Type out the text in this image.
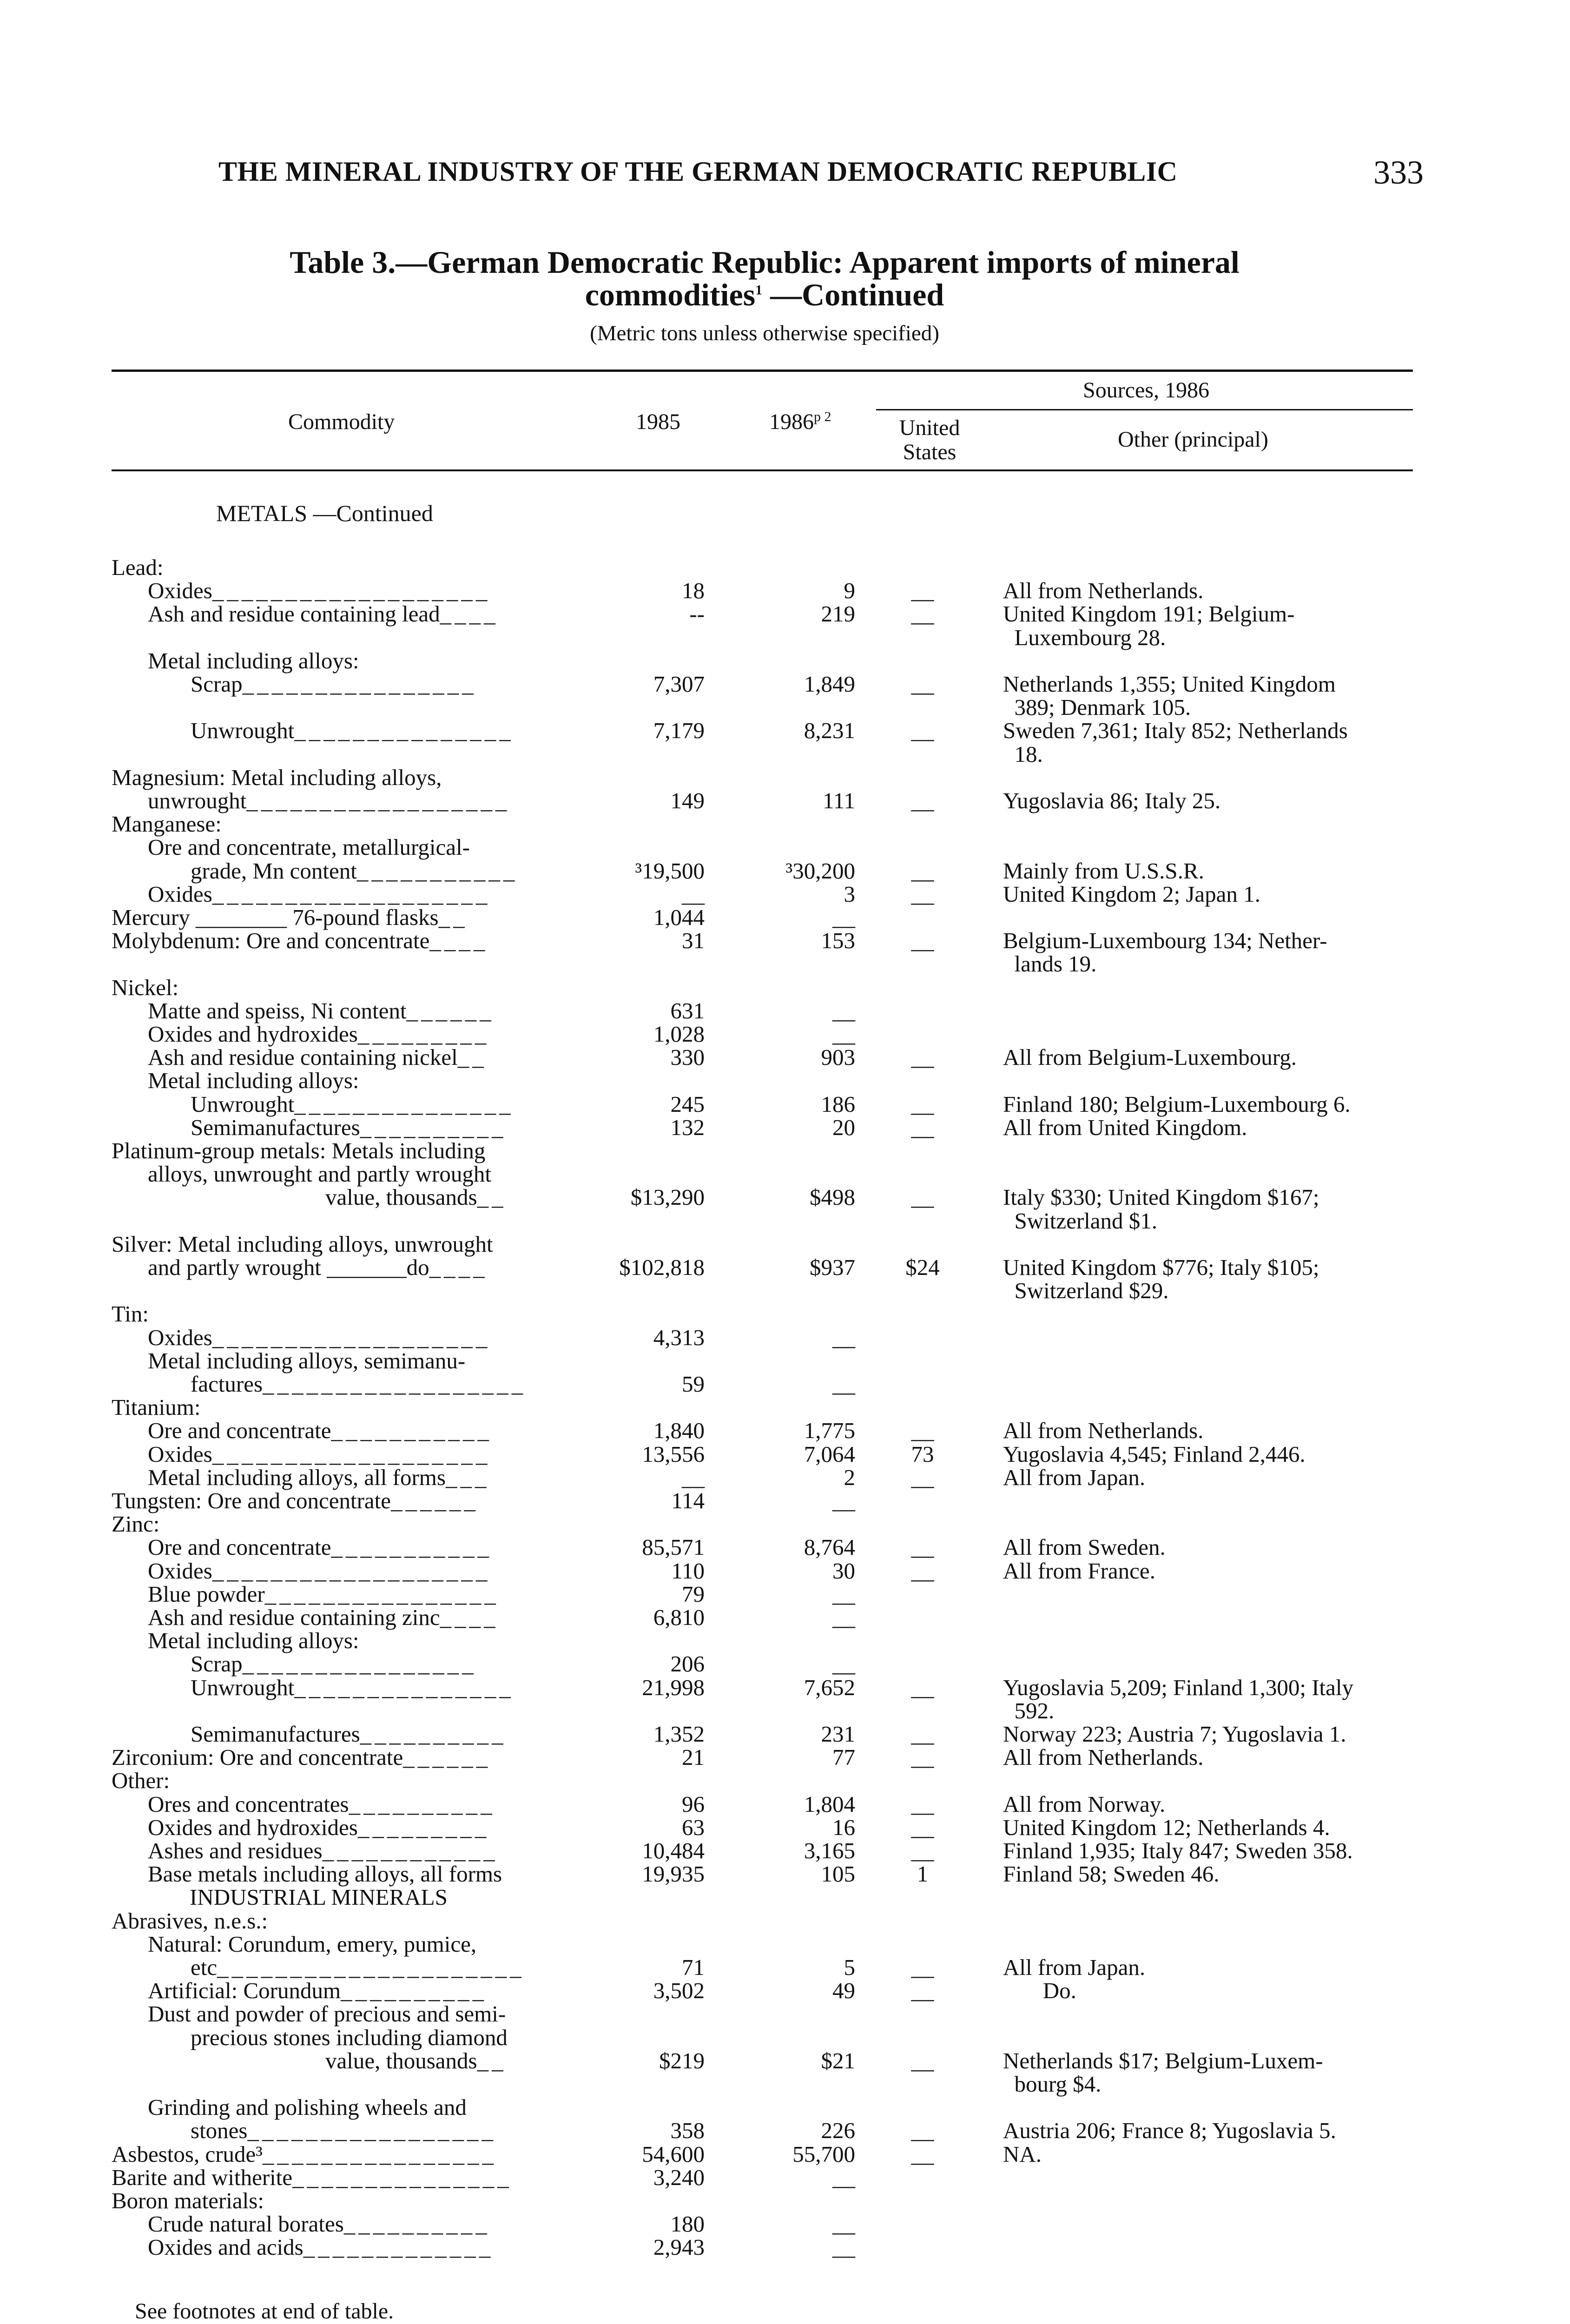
THE MINERAL INDUSTRY OF THE GERMAN DEMOCRATIC REPUBLIC	333
Table 3.—German Democratic Republic: Apparent imports of mineral
commodities$^1$ —Continued
(Metric tons unless otherwise specified)
Commodity	1985	$1986^{p 2}$
Sources, 1986
United
States
Other (principal)
METALS —Continued
Lead:
Oxides___________________	18	9	__	All from Netherlands.
Ash and residue containing lead____	--	219	__	United Kingdom 191; Belgium-
Luxembourg 28.
Metal including alloys:
Scrap________________	7,307	1,849	__	Netherlands 1,355; United Kingdom
389; Denmark 105.
Unwrought_______________	7,179	8,231	__	Sweden 7,361; Italy 852; Netherlands
18.
Magnesium: Metal including alloys,
unwrought__________________	149	111	__	Yugoslavia 86; Italy 25.
Manganese:
Ore and concentrate, metallurgical-
grade, Mn content___________	³19,500	³30,200	__	Mainly from U.S.S.R.
Oxides___________________	__	3	__	United Kingdom 2; Japan 1.
Mercury ________ 76-pound flasks__	1,044	__
Molybdenum: Ore and concentrate____	31	153	__	Belgium-Luxembourg 134; Nether-
lands 19.
Nickel:
Matte and speiss, Ni content______	631	__
Oxides and hydroxides_________	1,028	__
Ash and residue containing nickel__	330	903	__	All from Belgium-Luxembourg.
Metal including alloys:
Unwrought_______________	245	186	__	Finland 180; Belgium-Luxembourg 6.
Semimanufactures__________	132	20	__	All from United Kingdom.
Platinum-group metals: Metals including
alloys, unwrought and partly wrought
value, thousands__	$13,290	$498	__	Italy $330; United Kingdom $167;
Switzerland $1.
Silver: Metal including alloys, unwrought
and partly wrought _______do____	$102,818	$937	$24	United Kingdom $776; Italy $105;
Switzerland $29.
Tin:
Oxides___________________	4,313	__
Metal including alloys, semimanu-
factures__________________	59	__
Titanium:
Ore and concentrate___________	1,840	1,775	__	All from Netherlands.
Oxides___________________	13,556	7,064	73	Yugoslavia 4,545; Finland 2,446.
Metal including alloys, all forms___	__	2	__	All from Japan.
Tungsten: Ore and concentrate______	114	__
Zinc:
Ore and concentrate___________	85,571	8,764	__	All from Sweden.
Oxides___________________	110	30	__	All from France.
Blue powder________________	79	__
Ash and residue containing zinc____	6,810	__
Metal including alloys:
Scrap________________	206	__
Unwrought_______________	21,998	7,652	__	Yugoslavia 5,209; Finland 1,300; Italy
592.
Semimanufactures__________	1,352	231	__	Norway 223; Austria 7; Yugoslavia 1.
Zirconium: Ore and concentrate______	21	77	__	All from Netherlands.
Other:
Ores and concentrates__________	96	1,804	__	All from Norway.
Oxides and hydroxides_________	63	16	__	United Kingdom 12; Netherlands 4.
Ashes and residues____________	10,484	3,165	__	Finland 1,935; Italy 847; Sweden 358.
Base metals including alloys, all forms	19,935	105	1	Finland 58; Sweden 46.
INDUSTRIAL MINERALS
Abrasives, n.e.s.:
Natural: Corundum, emery, pumice,
etc_____________________	71	5	__	All from Japan.
Artificial: Corundum__________	3,502	49	__	Do.
Dust and powder of precious and semi-
precious stones including diamond
value, thousands__	$219	$21	__	Netherlands $17; Belgium-Luxem-
bourg $4.
Grinding and polishing wheels and
stones_________________	358	226	__	Austria 206; France 8; Yugoslavia 5.
Asbestos, crude³________________	54,600	55,700	__	NA.
Barite and witherite_______________	3,240	__
Boron materials:
Crude natural borates__________	180	__
Oxides and acids_____________	2,943	__
See footnotes at end of table.
